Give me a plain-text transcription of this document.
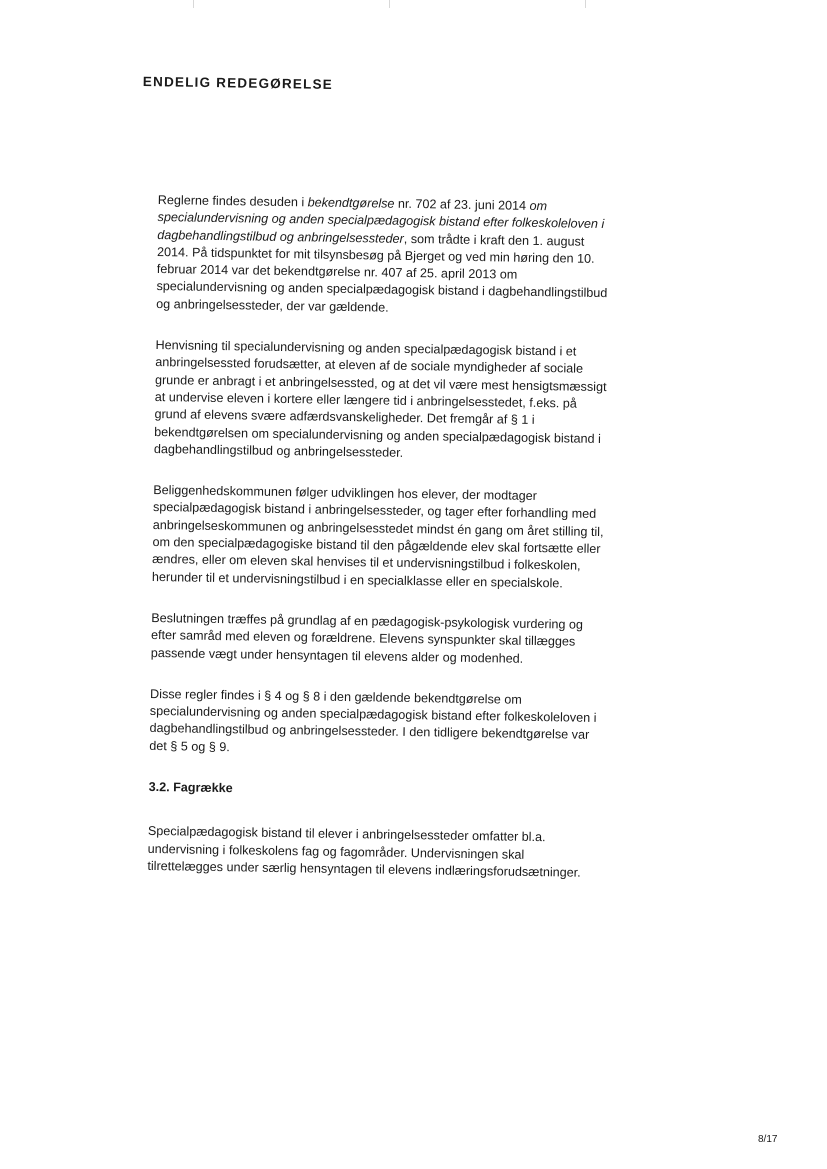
ENDELIG REDEGØRELSE

Reglerne findes desuden i bekendtgørelse nr. 702 af 23. juni 2014 om specialundervisning og anden specialpædagogisk bistand efter folkeskoleloven i dagbehandlingstilbud og anbringelsessteder, som trådte i kraft den 1. august 2014. På tidspunktet for mit tilsynsbesøg på Bjerget og ved min høring den 10. februar 2014 var det bekendtgørelse nr. 407 af 25. april 2013 om specialundervisning og anden specialpædagogisk bistand i dagbehandlingstilbud og anbringelsessteder, der var gældende.

Henvisning til specialundervisning og anden specialpædagogisk bistand i et anbringelsessted forudsætter, at eleven af de sociale myndigheder af sociale grunde er anbragt i et anbringelsessted, og at det vil være mest hensigtsmæssigt at undervise eleven i kortere eller længere tid i anbringelsesstedet, f.eks. på grund af elevens svære adfærdsvanskeligheder. Det fremgår af § 1 i bekendtgørelsen om specialundervisning og anden specialpædagogisk bistand i dagbehandlingstilbud og anbringelsessteder.

Beliggenhedskommunen følger udviklingen hos elever, der modtager specialpædagogisk bistand i anbringelsessteder, og tager efter forhandling med anbringelseskommunen og anbringelsesstedet mindst én gang om året stilling til, om den specialpædagogiske bistand til den pågældende elev skal fortsætte eller ændres, eller om eleven skal henvises til et undervisningstilbud i folkeskolen, herunder til et undervisningstilbud i en specialklasse eller en specialskole.

Beslutningen træffes på grundlag af en pædagogisk-psykologisk vurdering og efter samråd med eleven og forældrene. Elevens synspunkter skal tillægges passende vægt under hensyntagen til elevens alder og modenhed.

Disse regler findes i § 4 og § 8 i den gældende bekendtgørelse om specialundervisning og anden specialpædagogisk bistand efter folkeskoleloven i dagbehandlingstilbud og anbringelsessteder. I den tidligere bekendtgørelse var det § 5 og § 9.

3.2. Fagrække

Specialpædagogisk bistand til elever i anbringelsessteder omfatter bl.a. undervisning i folkeskolens fag og fagområder. Undervisningen skal tilrettelægges under særlig hensyntagen til elevens indlæringsforudsætninger.

8/17
